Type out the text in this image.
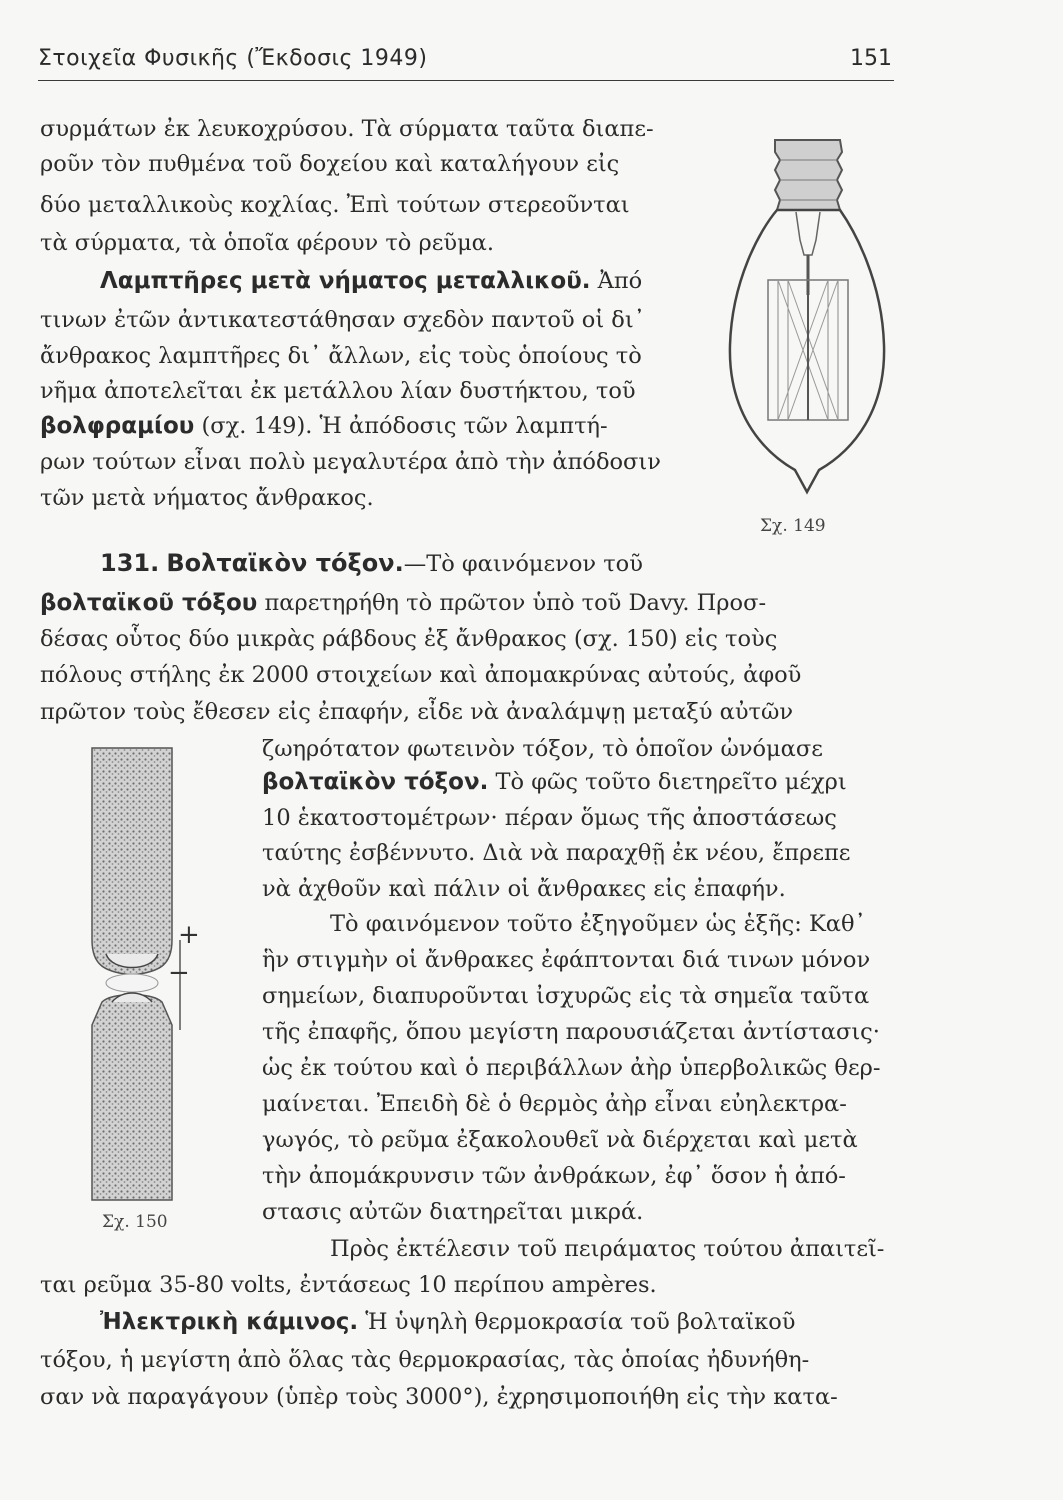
Στοιχεῖα Φυσικῆς (Ἔκδοσις 1949)	151
συρμάτων ἐκ λευκοχρύσου. Τὰ σύρματα ταῦτα διαπε-
ροῦν τὸν πυθμένα τοῦ δοχείου καὶ καταλήγουν εἰς
δύο μεταλλικοὺς κοχλίας. Ἐπὶ τούτων στερεοῦνται
τὰ σύρματα, τὰ ὁποῖα φέρουν τὸ ρεῦμα.
Λαμπτῆρες μετὰ νήματος μεταλλικοῦ. Ἀπό
τινων ἐτῶν ἀντικατεστάθησαν σχεδὸν παντοῦ οἱ δι᾽
ἄνθρακος λαμπτῆρες δι᾽ ἄλλων, εἰς τοὺς ὁποίους τὸ
νῆμα ἀποτελεῖται ἐκ μετάλλου λίαν δυστήκτου, τοῦ
βολφραμίου (σχ. 149). Ἡ ἀπόδοσις τῶν λαμπτή-
ρων τούτων εἶναι πολὺ μεγαλυτέρα ἀπὸ τὴν ἀπόδοσιν
τῶν μετὰ νήματος ἄνθρακος.
Σχ. 149
131. Βολταϊκὸν τόξον.—Τὸ φαινόμενον τοῦ
βολταϊκοῦ τόξου παρετηρήθη τὸ πρῶτον ὑπὸ τοῦ Davy. Προσ-
δέσας οὗτος δύο μικρὰς ράβδους ἐξ ἄνθρακος (σχ. 150) εἰς τοὺς
πόλους στήλης ἐκ 2000 στοιχείων καὶ ἀπομακρύνας αὐτούς, ἀφοῦ
πρῶτον τοὺς ἔθεσεν εἰς ἐπαφήν, εἶδε νὰ ἀναλάμψῃ μεταξύ αὐτῶν
ζωηρότατον φωτεινὸν τόξον, τὸ ὁποῖον ὠνόμασε
βολταϊκὸν τόξον. Τὸ φῶς τοῦτο διετηρεῖτο μέχρι
10 ἑκατοστομέτρων· πέραν ὅμως τῆς ἀποστάσεως
ταύτης ἐσβέννυτο. Διὰ νὰ παραχθῇ ἐκ νέου, ἔπρεπε
νὰ ἀχθοῦν καὶ πάλιν οἱ ἄνθρακες εἰς ἐπαφήν.
Τὸ φαινόμενον τοῦτο ἐξηγοῦμεν ὡς ἑξῆς: Καθ᾽
ἣν στιγμὴν οἱ ἄνθρακες ἐφάπτονται διά τινων μόνον
σημείων, διαπυροῦνται ἰσχυρῶς εἰς τὰ σημεῖα ταῦτα
τῆς ἐπαφῆς, ὅπου μεγίστη παρουσιάζεται ἀντίστασις·
ὡς ἐκ τούτου καὶ ὁ περιβάλλων ἀὴρ ὑπερβολικῶς θερ-
μαίνεται. Ἐπειδὴ δὲ ὁ θερμὸς ἀὴρ εἶναι εὐηλεκτρα-
γωγός, τὸ ρεῦμα ἐξακολουθεῖ νὰ διέρχεται καὶ μετὰ
τὴν ἀπομάκρυνσιν τῶν ἀνθράκων, ἐφ᾽ ὅσον ἡ ἀπό-
στασις αὐτῶν διατηρεῖται μικρά.
+
−
Σχ. 150
Πρὸς ἐκτέλεσιν τοῦ πειράματος τούτου ἀπαιτεῖ-
ται ρεῦμα 35-80 volts, ἐντάσεως 10 περίπου ampères.
Ἠλεκτρικὴ κάμινος. Ἡ ὑψηλὴ θερμοκρασία τοῦ βολταϊκοῦ
τόξου, ἡ μεγίστη ἀπὸ ὅλας τὰς θερμοκρασίας, τὰς ὁποίας ἠδυνήθη-
σαν νὰ παραγάγουν (ὑπὲρ τοὺς 3000°), ἐχρησιμοποιήθη εἰς τὴν κατα-
